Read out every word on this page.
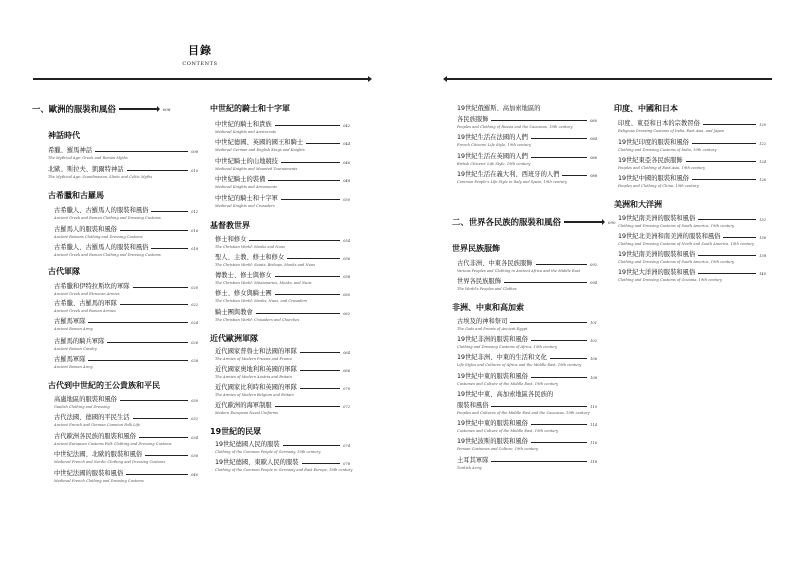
目錄
CONTENTS
一、歐洲的服裝和風俗	008
神話時代
希臘、羅馬神話	008
The Mythical Age: Greek and Roman Myths
北歐、斯拉夫、凱爾特神話	010
The Mythical Age: Scandinavian, Slavic and Celtic Myths
古希臘和古羅馬
古希臘人、古羅馬人的服裝和風俗	012
Ancient Greek and Roman Clothing and Dressing Customs
古羅馬人的服裝和風俗	016
Ancient Romans Clothing and Dressing Customs
古希臘人、古羅馬人的服裝和風俗	018
Ancient Greek and Roman Clothing and Dressing Customs
古代軍隊
古希臘和伊特拉斯坎的軍隊	020
Ancient Greek and Etruscan Armies
古希臘、古羅馬的軍隊	022
Ancient Greek and Roman Armies
古羅馬軍隊	024
Ancient Roman Army
古羅馬的騎兵軍隊	026
Ancient Roman Cavalry
古羅馬軍隊	028
Ancient Roman Army
古代到中世紀的王公貴族和平民
高盧地區的服裝和風俗	030
Gaulish Clothing and Dressing
古代法國、德國的平民生活	032
Ancient French and German Common Folk Life
古代歐洲各民族的服裝和風俗	034
Ancient European Customs Folk Clothing and Dressing Customs
中世紀法國、北歐的服裝和風俗	036
Medieval French and Nordic Clothing and Dressing Customs
中世紀法國的服裝和風俗	040
Medieval French Clothing and Dressing Customs
中世紀的騎士和十字軍
中世紀的騎士和貴族	042
Medieval Knights and Aristocrats
中世紀德國、英國的國王和騎士	044
Medieval German and English Kings and Knights
中世紀騎士的山地競技	046
Medieval Knights and Mounted Tournaments
中世紀騎士的裝備	048
Medieval Knights and Armaments
中世紀的騎士和十字軍	050
Medieval Knights and Crusaders
基督教世界
修士和修女	054
The Christian World: Monks and Nuns
聖人、主教、修士和修女	056
The Christian World: Saints, Bishops, Monks and Nuns
傳教士、修士與修女	058
The Christian World: Missionaries, Monks, and Nuns
修士、修女與騎士團	060
The Christian World: Monks, Nuns, and Crusaders
騎士團與教會	062
The Christian World: Crusaders and Churches
近代歐洲軍隊
近代國家普魯士和法國的軍隊	064
The Armies of Modern Prussia and France
近代國家奧地利和英國的軍隊	066
The Armies of Modern Austria and Britain
近代國家比利時和英國的軍隊	070
The Armies of Modern Belgium and Britain
近代歐洲的海軍制服	072
Modern European Naval Uniforms
19世紀的民眾
19世紀德國人民的服裝	074
Clothing of the Common People of Germany, 19th century
19世紀德國、東歐人民的服裝	078
Clothing of the Common People in Germany and East Europe, 19th century
19世紀俄羅斯、高加索地區的
各民族服飾	080
Peoples and Clothing of Russia and the Caucasus, 19th century
19世紀生活在法國的人們	084
French Citizens' Life Style, 19th century
19世紀生活在英國的人們	086
British Citizens' Life Style, 19th century
19世紀生活在義大利、西班牙的人們	088
Common People's Life Style in Italy and Spain, 19th century
二、世界各民族的服裝和風俗	090
世界民族服飾
古代非洲、中東各民族服飾	092
Various Peoples and Clothing in Ancient Africa and the Middle East
世界各民族服飾	094
The World's Peoples and Clothes
非洲、中東和高加索
古埃及的神和祭司	101
The Gods and Priests of Ancient Egypt
19世紀非洲的服裝和風俗	102
Clothing and Dressing Customs of Africa, 19th century
19世紀非洲、中東的生活和文化	106
Life Styles and Cultures of Africa and the Middle East, 19th century
19世紀中東的服裝和風俗	108
Costumes and Culture of the Middle East, 19th century
19世紀中東、高加索地區各民族的
服裝和風俗	110
Peoples and Cultures of the Middle East and the Caucasus, 19th century
19世紀中東的服裝和風俗	114
Costumes and Culture of the Middle East, 19th century
19世紀波斯的服裝和風俗	116
Persian Costumes and Culture, 19th century
土耳其軍隊	118
Turkish Army
印度、中國和日本
印度、東亞和日本的宗教習俗	120
Religious Dressing Customs of India, East Asia, and Japan
19世紀印度的服裝和風俗	122
Clothing and Dressing Customs of India, 19th century
19世紀東亞各民族服飾	124
Peoples and Clothing of East Asia, 19th century
19世紀中國的服裝和風俗	126
Peoples and Clothing of China, 19th century
美洲和大洋洲
19世紀南美洲的服裝和風俗	132
Clothing and Dressing Customs of South America, 19th century
19世紀北美洲和南美洲的服裝和風俗	136
Clothing and Dressing Customs of North and South America, 19th century
19世紀南美洲的服裝和風俗	138
Clothing and Dressing Customs of South America, 19th century
19世紀大洋洲的服裝和風俗	140
Clothing and Dressing Customs of Oceania, 19th century
